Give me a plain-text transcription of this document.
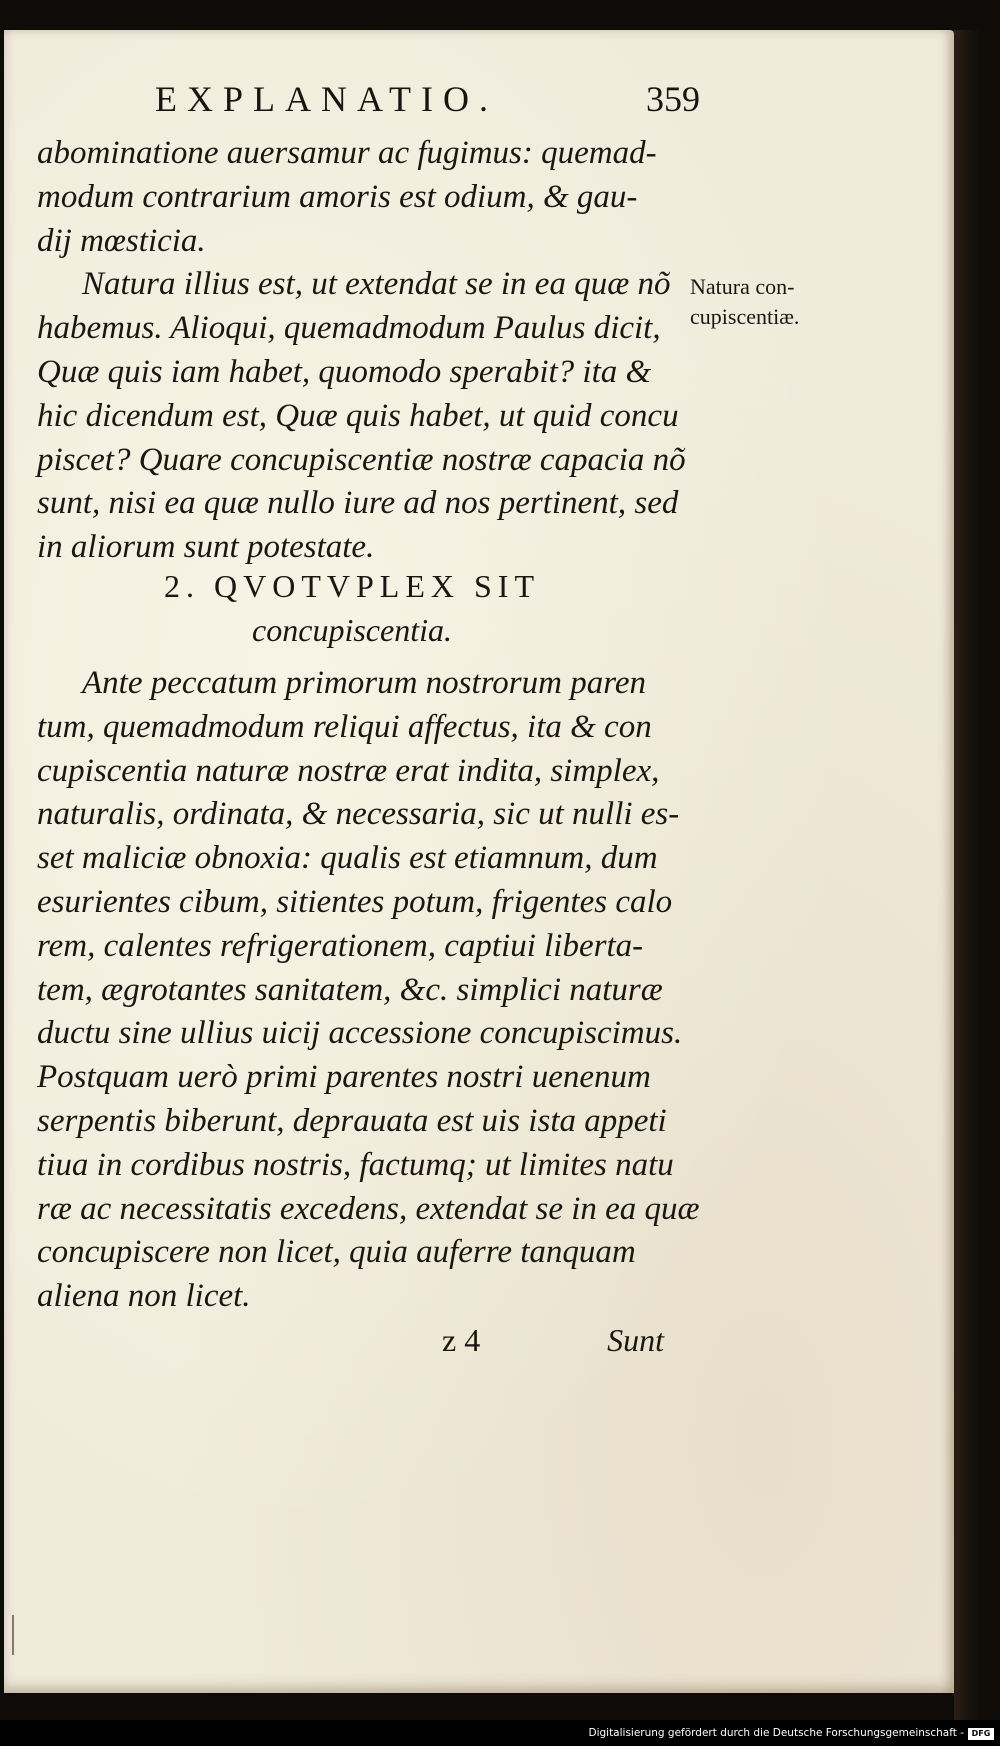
EXPLANATIO.	359
abominatione auersamur ac fugimus: quemad-
modum contrarium amoris est odium, & gau-
dij mœsticia.
Natura illius est, ut extendat se in ea quæ nõ
habemus. Alioqui, quemadmodum Paulus dicit,
Quæ quis iam habet, quomodo sperabit? ita &
hic dicendum est, Quæ quis habet, ut quid concu
piscet? Quare concupiscentiæ nostræ capacia nõ
sunt, nisi ea quæ nullo iure ad nos pertinent, sed
in aliorum sunt potestate.
Natura con-
cupiscentiæ.
2. QVOTVPLEX SIT
concupiscentia.
Ante peccatum primorum nostrorum paren
tum, quemadmodum reliqui affectus, ita & con
cupiscentia naturæ nostræ erat indita, simplex,
naturalis, ordinata, & necessaria, sic ut nulli es-
set maliciæ obnoxia: qualis est etiamnum, dum
esurientes cibum, sitientes potum, frigentes calo
rem, calentes refrigerationem, captiui liberta-
tem, ægrotantes sanitatem, &c. simplici naturæ
ductu sine ullius uicij accessione concupiscimus.
Postquam uerò primi parentes nostri uenenum
serpentis biberunt, deprauata est uis ista appeti
tiua in cordibus nostris, factumq; ut limites natu
ræ ac necessitatis excedens, extendat se in ea quæ
concupiscere non licet, quia auferre tanquam
aliena non licet.
z 4	Sunt
Digitalisierung gefördert durch die Deutsche Forschungsgemeinschaft - DFG
